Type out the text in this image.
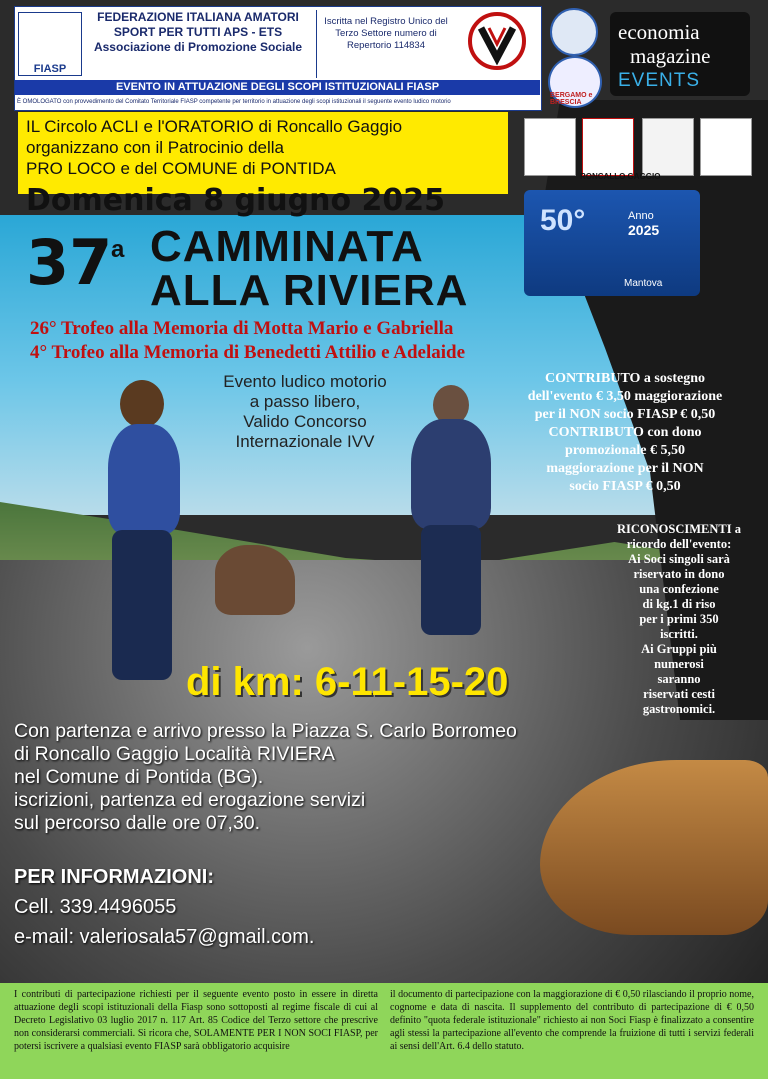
FIASP
FEDERAZIONE ITALIANA AMATORI
SPORT PER TUTTI APS - ETS
Associazione di Promozione Sociale
Iscritta nel Registro Unico del Terzo Settore numero di Repertorio 114834
EVENTO IN ATTUAZIONE DEGLI SCOPI ISTITUZIONALI FIASP
È OMOLOGATO con provvedimento del Comitato Territoriale FIASP competente per territorio in attuazione degli scopi istituzionali il seguente evento ludico motorio
BERGAMO e BRESCIA
economia
magazine
EVENTS
IL Circolo ACLI e l'ORATORIO di Roncallo Gaggio
organizzano con il Patrocinio della
PRO LOCO e del COMUNE di PONTIDA
Domenica 8 giugno 2025
RONCALLO GAGGIO
50°	Anno
2025
Mantova
37
a CAMMINATA
ALLA RIVIERA
26° Trofeo alla Memoria di Motta Mario e Gabriella
4° Trofeo alla Memoria di Benedetti Attilio e Adelaide
Evento ludico motorio
a passo libero,
Valido Concorso
Internazionale IVV
CONTRIBUTO a sostegno
dell'evento € 3,50 maggiorazione
per il NON socio FIASP € 0,50
CONTRIBUTO con dono
promozionale € 5,50
maggiorazione per il NON
socio FIASP € 0,50
RICONOSCIMENTI a
ricordo dell'evento:
Ai Soci singoli sarà
riservato in dono
una confezione
di kg.1 di riso
per i primi 350
iscritti.
Ai Gruppi più
numerosi
saranno
riservati cesti
gastronomici.
di km: 6-11-15-20
Con partenza e arrivo presso la Piazza S. Carlo Borromeo
di Roncallo Gaggio Località RIVIERA
nel Comune di Pontida (BG).
iscrizioni, partenza ed erogazione servizi
sul percorso dalle ore 07,30.
PER INFORMAZIONI:
Cell. 339.4496055
e-mail: valeriosala57@gmail.com.
I contributi di partecipazione richiesti per il seguente evento posto in essere in diretta attuazione degli scopi istituzionali della Fiasp sono sottoposti al regime fiscale di cui al Decreto Legislativo 03 luglio 2017 n. 117 Art. 85 Codice del Terzo settore che prescrive non considerarsi commerciali. Si ricora che, SOLAMENTE PER I NON SOCI FIASP, per potersi iscrivere a qualsiasi evento FIASP sarà obbligatorio acquisire
il documento di partecipazione con la maggiorazione di € 0,50 rilasciando il proprio nome, cognome e data di nascita. Il supplemento del contributo di partecipazione di € 0,50 definito "quota federale istituzionale" richiesto ai non Soci Fiasp è finalizzato a consentire agli stessi la partecipazione all'evento che comprende la fruizione di tutti i servizi federali ai sensi dell'Art. 6.4 dello statuto.
